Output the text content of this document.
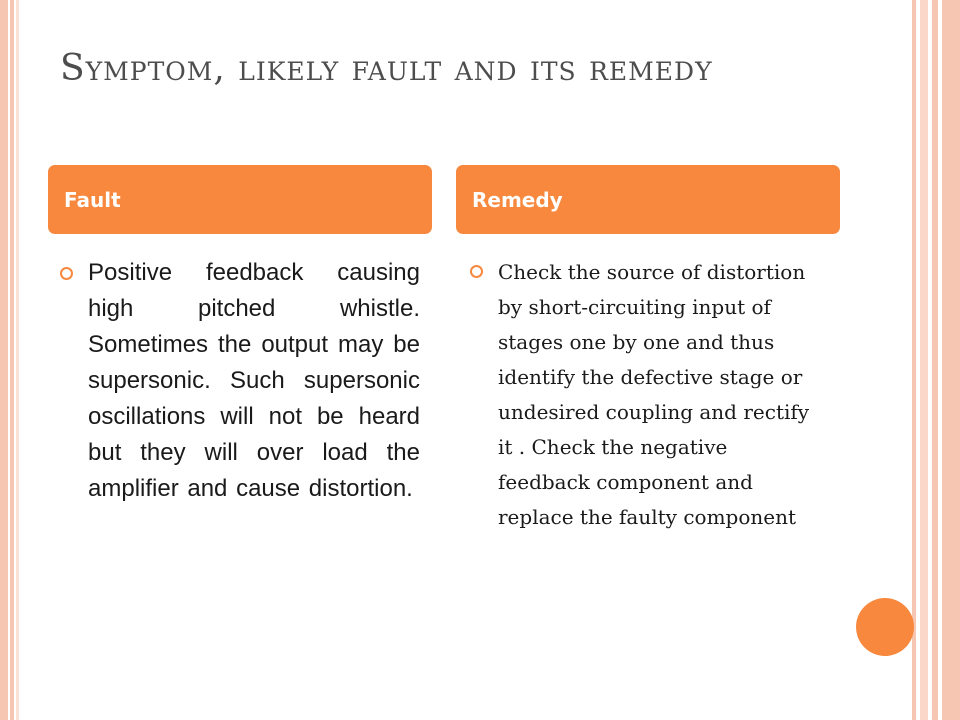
Symptom, likely fault and its remedy
Fault	Remedy
Positive feedback causing high pitched whistle. Sometimes the output may be supersonic. Such supersonic oscillations will not be heard but they will over load the amplifier and cause distortion.
Check the source of distortion by short-circuiting input of stages one by one and thus identify the defective stage or undesired coupling and rectify it . Check the negative feedback component and replace the faulty component
